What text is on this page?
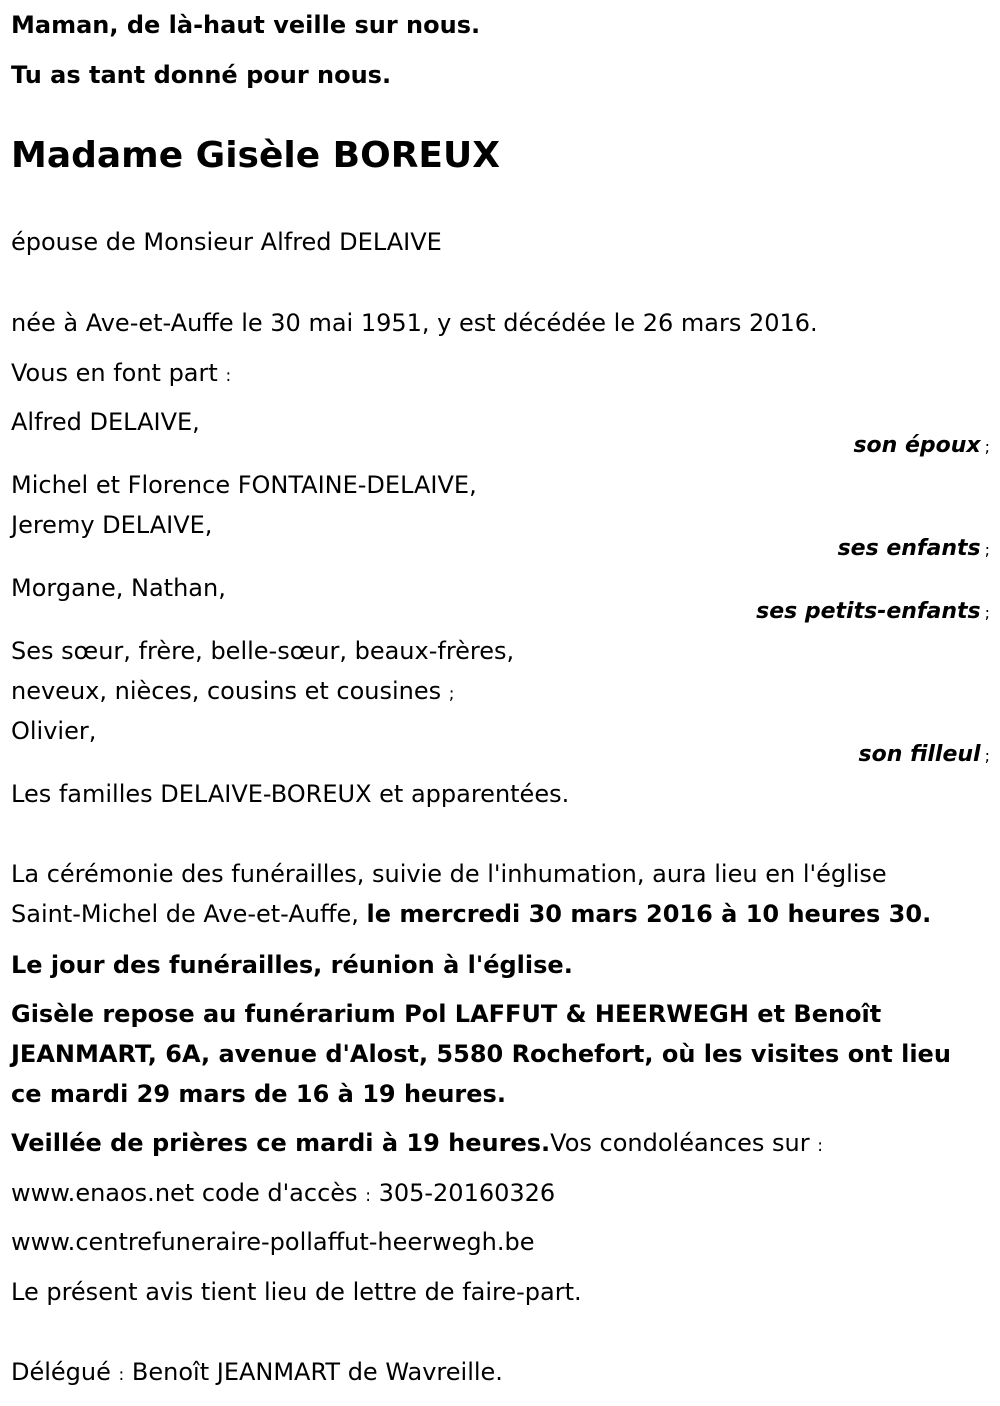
Maman, de là-haut veille sur nous.
Tu as tant donné pour nous.
Madame Gisèle BOREUX
épouse de Monsieur Alfred DELAIVE
née à Ave-et-Auffe le 30 mai 1951, y est décédée le 26 mars 2016.
Vous en font part :
Alfred DELAIVE,
son époux ;
Michel et Florence FONTAINE-DELAIVE,
Jeremy DELAIVE,
ses enfants ;
Morgane, Nathan,
ses petits-enfants ;
Ses sœur, frère, belle-sœur, beaux-frères,
neveux, nièces, cousins et cousines ;
Olivier,
son filleul ;
Les familles DELAIVE-BOREUX et apparentées.
La cérémonie des funérailles, suivie de l'inhumation, aura lieu en l'église
Saint-Michel de Ave-et-Auffe, le mercredi 30 mars 2016 à 10 heures 30.
Le jour des funérailles, réunion à l'église.
Gisèle repose au funérarium Pol LAFFUT & HEERWEGH et Benoît
JEANMART, 6A, avenue d'Alost, 5580 Rochefort, où les visites ont lieu
ce mardi 29 mars de 16 à 19 heures.
Veillée de prières ce mardi à 19 heures.Vos condoléances sur :
www.enaos.net code d'accès : 305-20160326
www.centrefuneraire-pollaffut-heerwegh.be
Le présent avis tient lieu de lettre de faire-part.
Délégué : Benoît JEANMART de Wavreille.
